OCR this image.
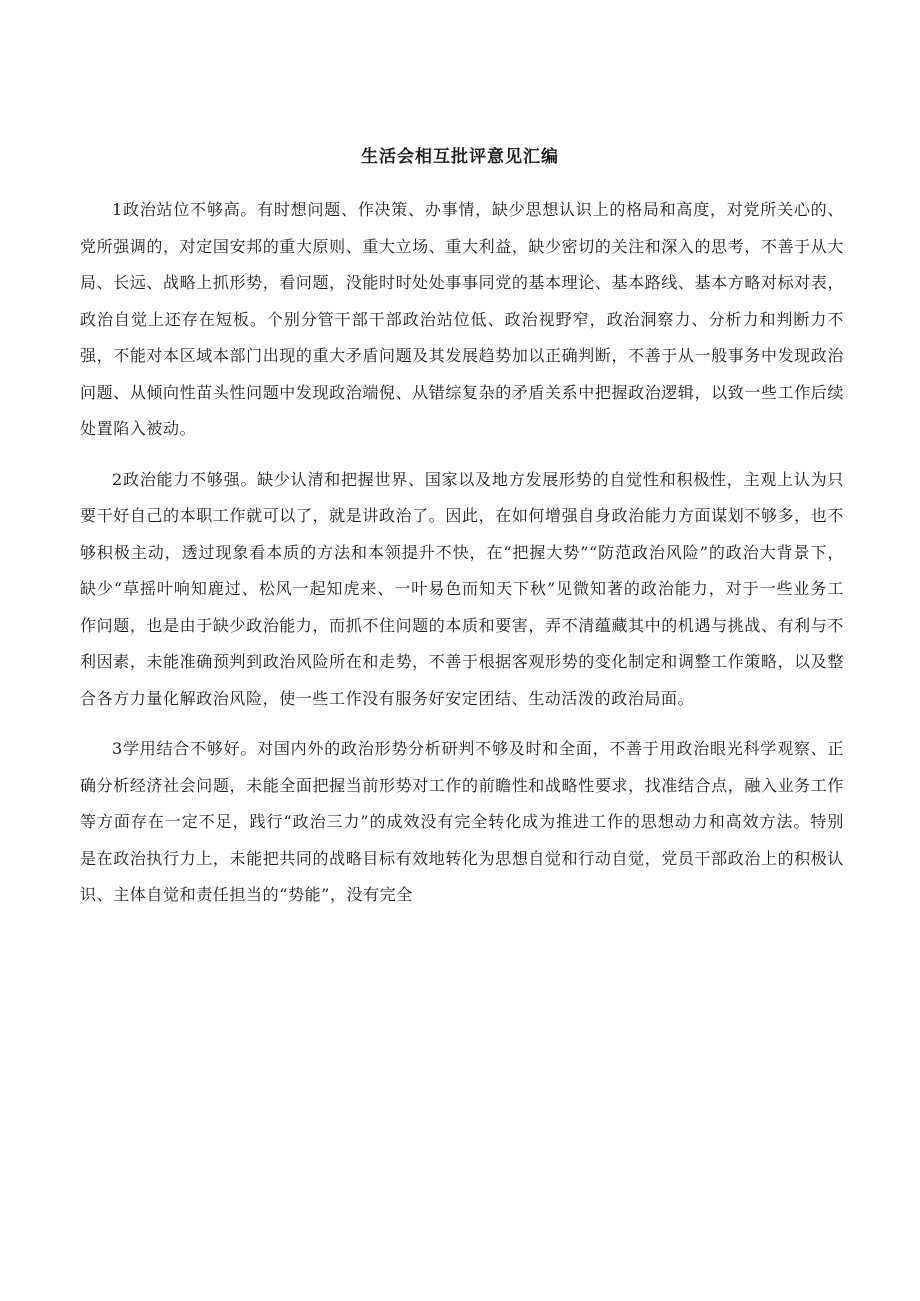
生活会相互批评意见汇编

1政治站位不够高。有时想问题、作决策、办事情，缺少思想认识上的格局和高度，对党所关心的、党所强调的，对定国安邦的重大原则、重大立场、重大利益，缺少密切的关注和深入的思考，不善于从大局、长远、战略上抓形势，看问题，没能时时处处事事同党的基本理论、基本路线、基本方略对标对表，政治自觉上还存在短板。个别分管干部干部政治站位低、政治视野窄，政治洞察力、分析力和判断力不强，不能对本区域本部门出现的重大矛盾问题及其发展趋势加以正确判断，不善于从一般事务中发现政治问题、从倾向性苗头性问题中发现政治端倪、从错综复杂的矛盾关系中把握政治逻辑，以致一些工作后续处置陷入被动。

2政治能力不够强。缺少认清和把握世界、国家以及地方发展形势的自觉性和积极性，主观上认为只要干好自己的本职工作就可以了，就是讲政治了。因此，在如何增强自身政治能力方面谋划不够多，也不够积极主动，透过现象看本质的方法和本领提升不快，在“把握大势”“防范政治风险”的政治大背景下，缺少“草摇叶响知鹿过、松风一起知虎来、一叶易色而知天下秋”见微知著的政治能力，对于一些业务工作问题，也是由于缺少政治能力，而抓不住问题的本质和要害，弄不清蕴藏其中的机遇与挑战、有利与不利因素，未能准确预判到政治风险所在和走势，不善于根据客观形势的变化制定和调整工作策略，以及整合各方力量化解政治风险，使一些工作没有服务好安定团结、生动活泼的政治局面。

3学用结合不够好。对国内外的政治形势分析研判不够及时和全面，不善于用政治眼光科学观察、正确分析经济社会问题，未能全面把握当前形势对工作的前瞻性和战略性要求，找准结合点，融入业务工作等方面存在一定不足，践行“政治三力”的成效没有完全转化成为推进工作的思想动力和高效方法。特别是在政治执行力上，未能把共同的战略目标有效地转化为思想自觉和行动自觉，党员干部政治上的积极认识、主体自觉和责任担当的“势能”，没有完全
